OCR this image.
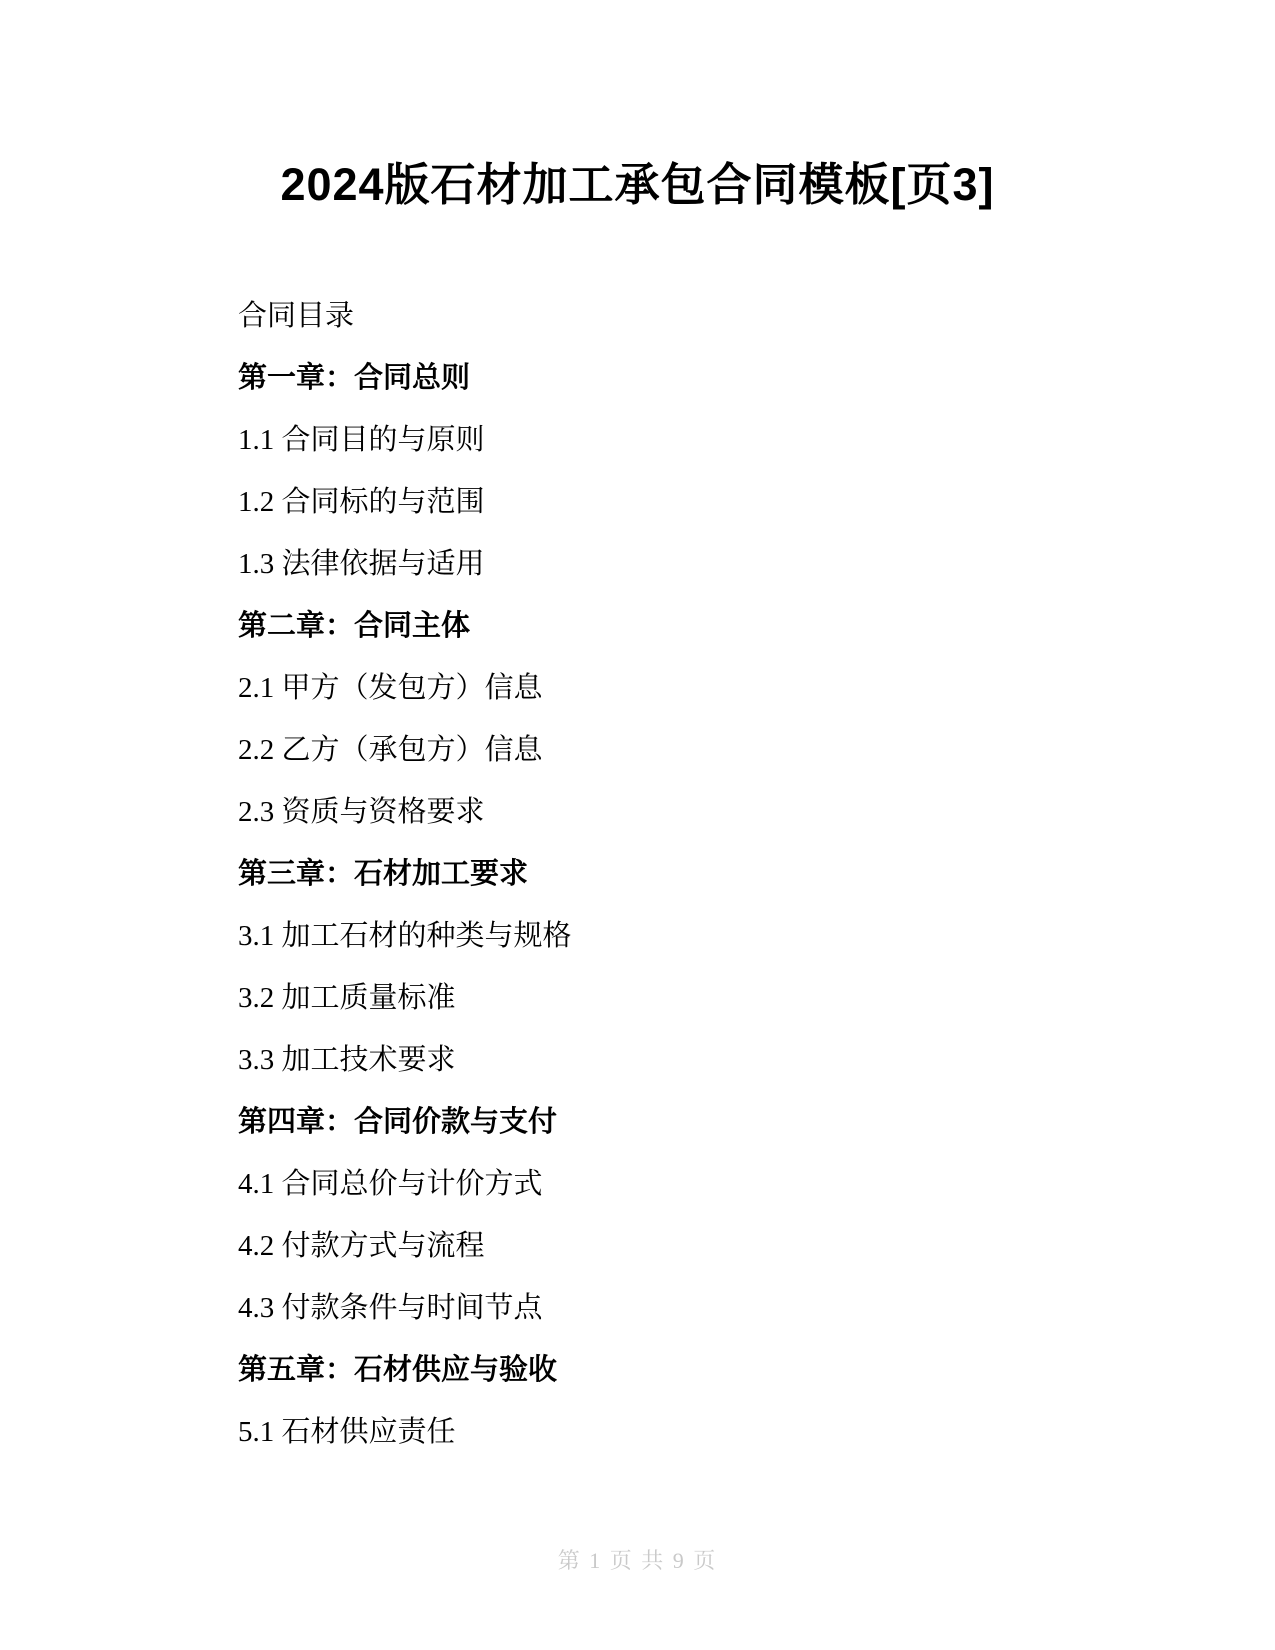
2024版石材加工承包合同模板[页3]

合同目录

第一章：合同总则

1.1 合同目的与原则

1.2 合同标的与范围

1.3 法律依据与适用

第二章：合同主体

2.1 甲方（发包方）信息

2.2 乙方（承包方）信息

2.3 资质与资格要求

第三章：石材加工要求

3.1 加工石材的种类与规格

3.2 加工质量标准

3.3 加工技术要求

第四章：合同价款与支付

4.1 合同总价与计价方式

4.2 付款方式与流程

4.3 付款条件与时间节点

第五章：石材供应与验收

5.1 石材供应责任

第 1 页 共 9 页
